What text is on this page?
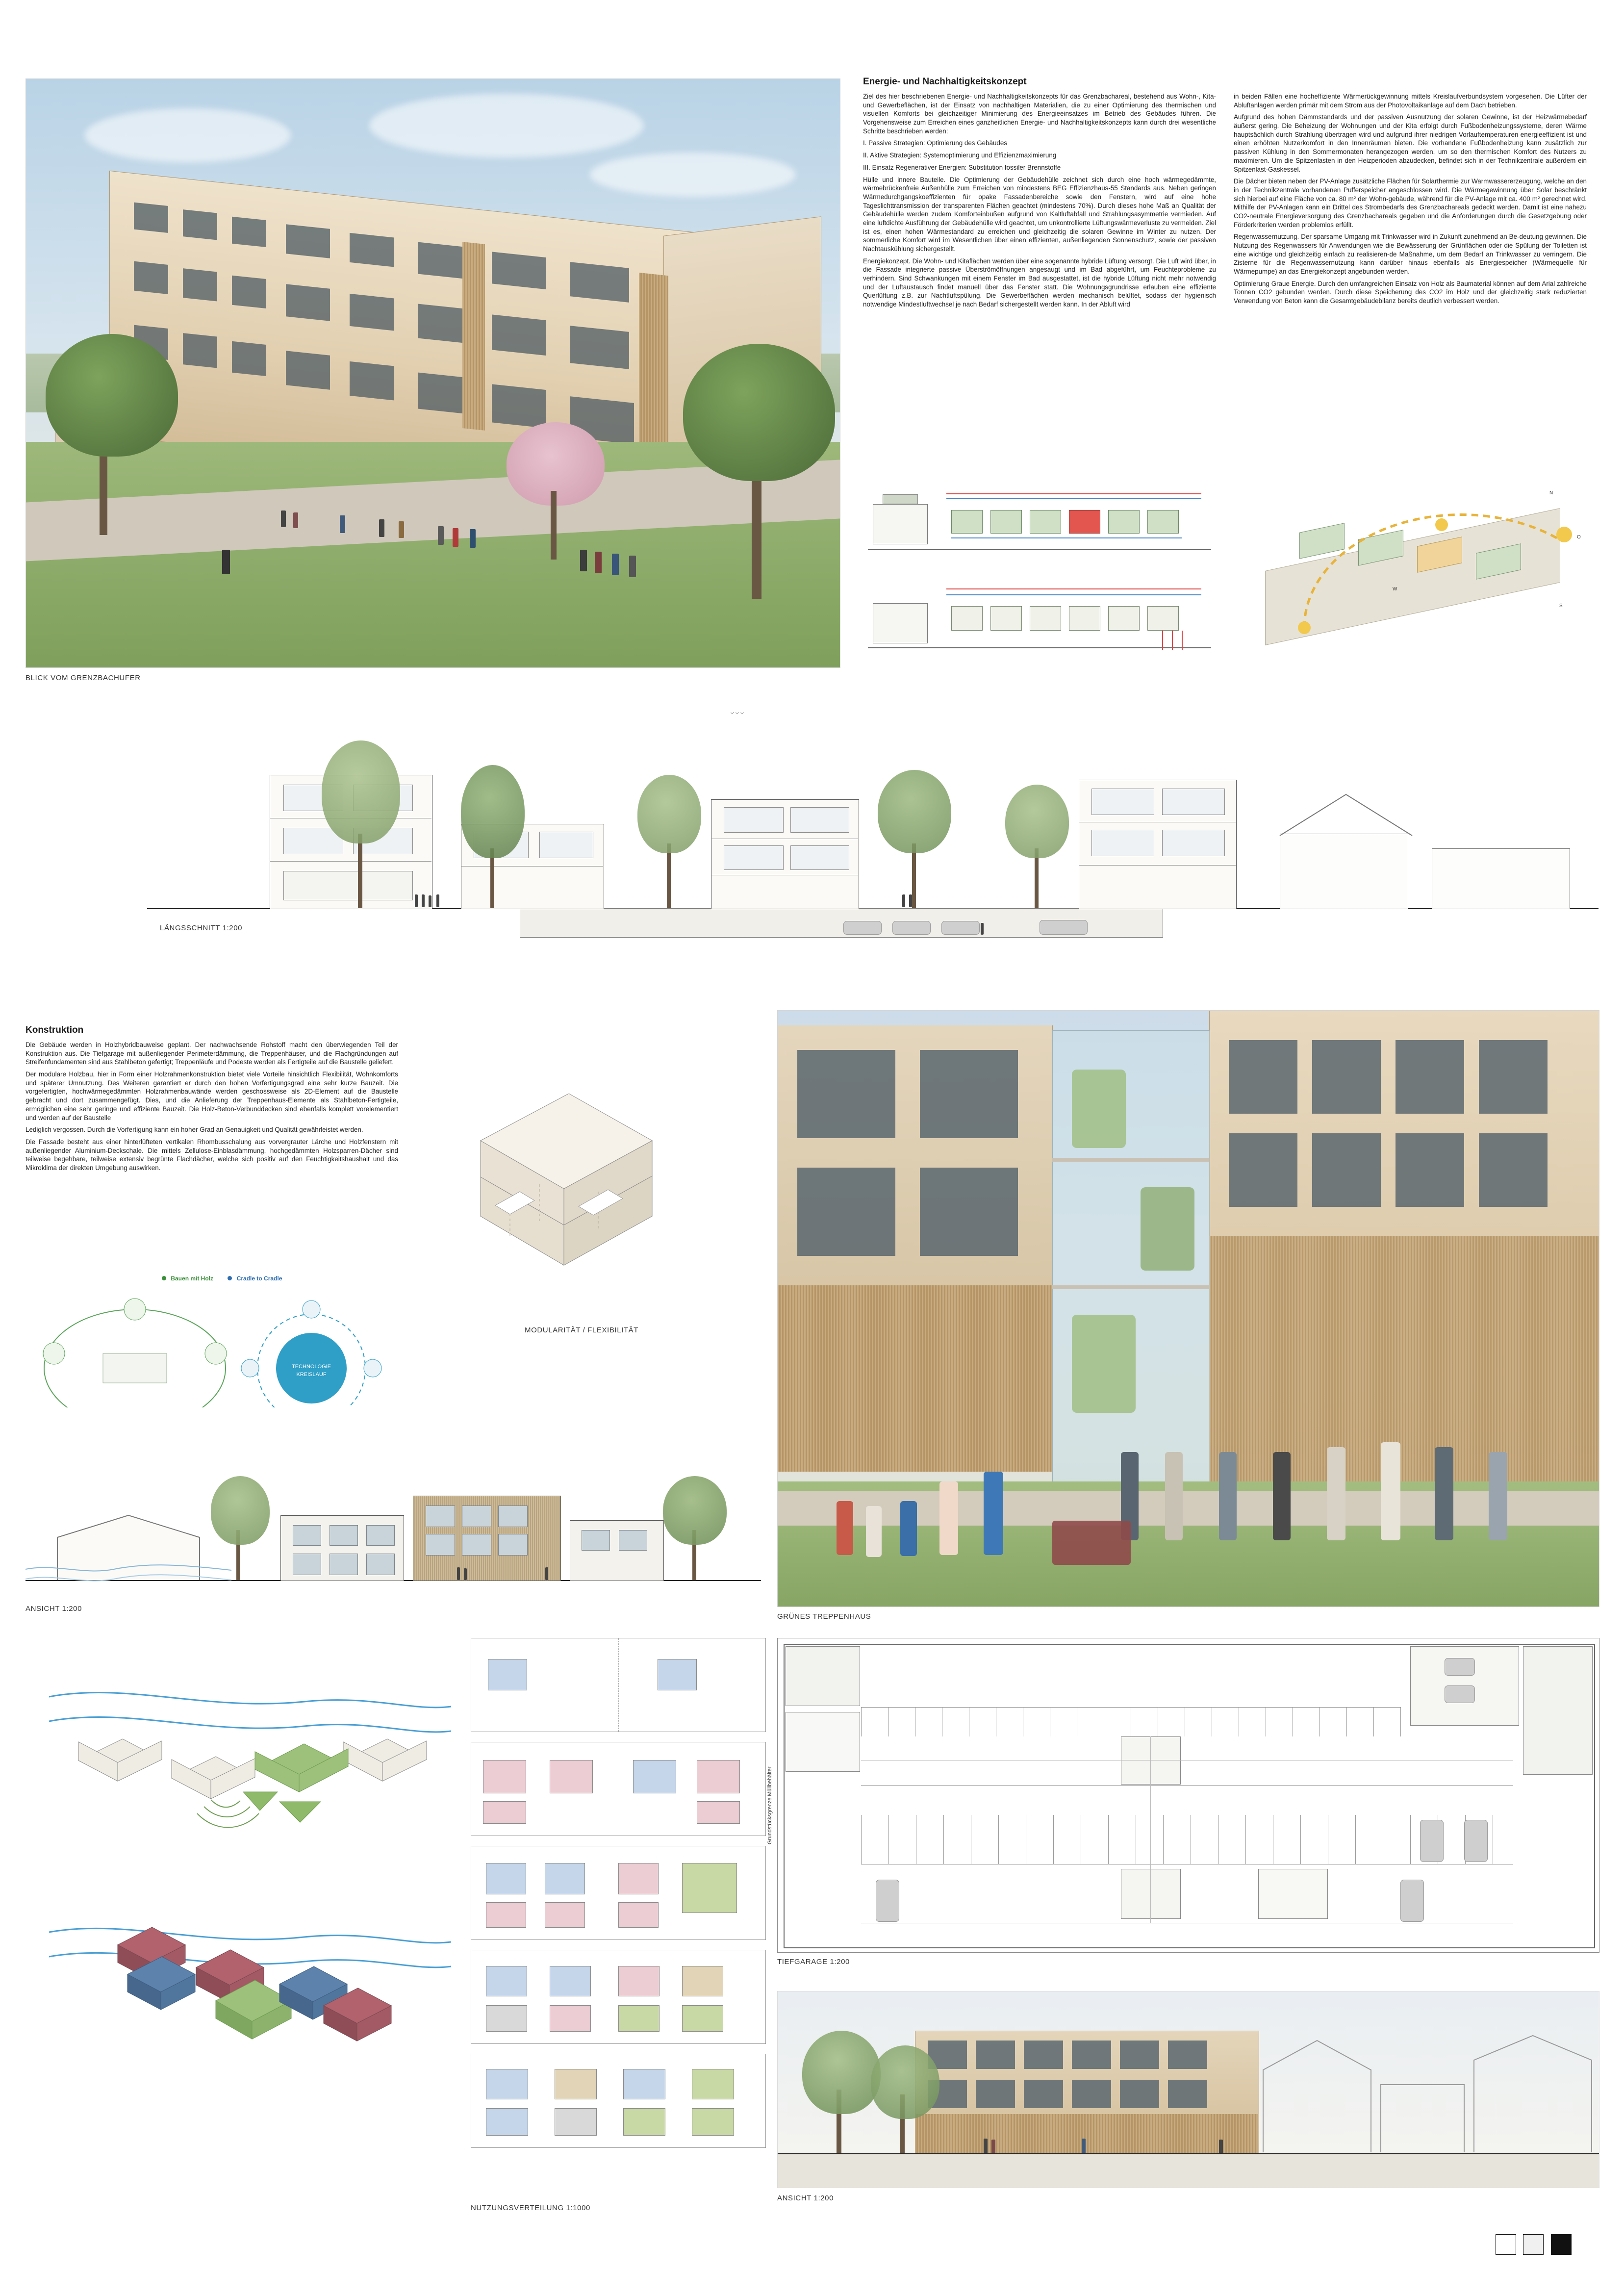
BLICK VOM GRENZBACHUFER
Energie- und Nachhaltigkeitskonzept

Ziel des hier beschriebenen Energie- und Nachhaltigkeitskonzepts für das Grenzbachareal, bestehend aus Wohn-, Kita- und Gewerbeflächen, ist der Einsatz von nachhaltigen Materialien, die zu einer Optimierung des thermischen und visuellen Komforts bei gleichzeitiger Minimierung des Energieeinsatzes im Betrieb des Gebäudes führen. Die Vorgehensweise zum Erreichen eines ganzheitlichen Energie- und Nachhaltigkeitskonzepts kann durch drei wesentliche Schritte beschrieben werden:

I. Passive Strategien: Optimierung des Gebäudes

II. Aktive Strategien: Systemoptimierung und Effizienzmaximierung

III. Einsatz Regenerativer Energien: Substitution fossiler Brennstoffe

Hülle und innere Bauteile. Die Optimierung der Gebäudehülle zeichnet sich durch eine hoch wärmegedämmte, wärmebrückenfreie Außenhülle zum Erreichen von mindestens BEG Effizienzhaus-55 Standards aus. Neben geringen Wärmedurchgangskoeffizienten für opake Fassadenbereiche sowie den Fenstern, wird auf eine hohe Tageslichttransmission der transparenten Flächen geachtet (mindestens 70%). Durch dieses hohe Maß an Qualität der Gebäudehülle werden zudem Komforteinbußen aufgrund von Kaltluftabfall und Strahlungsasymmetrie vermieden. Auf eine luftdichte Ausführung der Gebäudehülle wird geachtet, um unkontrollierte Lüftungswärmeverluste zu vermeiden. Ziel ist es, einen hohen Wärmestandard zu erreichen und gleichzeitig die solaren Gewinne im Winter zu nutzen. Der sommerliche Komfort wird im Wesentlichen über einen effizienten, außenliegenden Sonnenschutz, sowie der passiven Nachtauskühlung sichergestellt.

Energiekonzept. Die Wohn- und Kitaflächen werden über eine sogenannte hybride Lüftung versorgt. Die Luft wird über, in die Fassade integrierte passive Überströmöffnungen angesaugt und im Bad abgeführt, um Feuchteprobleme zu verhindern. Sind Schwankungen mit einem Fenster im Bad ausgestattet, ist die hybride Lüftung nicht mehr notwendig und der Luftaustausch findet manuell über das Fenster statt. Die Wohnungsgrundrisse erlauben eine effiziente Querlüftung z.B. zur Nachtluftspülung. Die Gewerbeflächen werden mechanisch belüftet, sodass der hygienisch notwendige Mindestluftwechsel je nach Bedarf sichergestellt werden kann. In der Abluft wird

in beiden Fällen eine hocheffiziente Wärmerückgewinnung mittels Kreislaufverbundsystem vorgesehen. Die Lüfter der Abluftanlagen werden primär mit dem Strom aus der Photovoltaikanlage auf dem Dach betrieben.

Aufgrund des hohen Dämmstandards und der passiven Ausnutzung der solaren Gewinne, ist der Heizwärmebedarf äußerst gering. Die Beheizung der Wohnungen und der Kita erfolgt durch Fußbodenheizungssysteme, deren Wärme hauptsächlich durch Strahlung übertragen wird und aufgrund ihrer niedrigen Vorlauftemperaturen energieeffizient ist und einen erhöhten Nutzerkomfort in den Innenräumen bieten. Die vorhandene Fußbodenheizung kann zusätzlich zur passiven Kühlung in den Sommermonaten herangezogen werden, um so den thermischen Komfort des Nutzers zu maximieren. Um die Spitzenlasten in den Heizperioden abzudecken, befindet sich in der Technikzentrale außerdem ein Spitzenlast-Gaskessel.

Die Dächer bieten neben der PV-Anlage zusätzliche Flächen für Solarthermie zur Warmwassererzeugung, welche an den in der Technikzentrale vorhandenen Pufferspeicher angeschlossen wird. Die Wärmegewinnung über Solar beschränkt sich hierbei auf eine Fläche von ca. 80 m² der Wohn-gebäude, während für die PV-Anlage mit ca. 400 m² gerechnet wird. Mithilfe der PV-Anlagen kann ein Drittel des Strombedarfs des Grenzbachareals gedeckt werden. Damit ist eine nahezu CO2-neutrale Energieversorgung des Grenzbachareals gegeben und die Anforderungen durch die Gesetzgebung oder Förderkriterien werden problemlos erfüllt.

Regenwassernutzung. Der sparsame Umgang mit Trinkwasser wird in Zukunft zunehmend an Be-deutung gewinnen. Die Nutzung des Regenwassers für Anwendungen wie die Bewässerung der Grünflächen oder die Spülung der Toiletten ist eine wichtige und gleichzeitig einfach zu realisieren-de Maßnahme, um dem Bedarf an Trinkwasser zu verringern. Die Zisterne für die Regenwassernutzung kann darüber hinaus ebenfalls als Energiespeicher (Wärmequelle für Wärmepumpe) an das Energiekonzept angebunden werden.

Optimierung Graue Energie. Durch den umfangreichen Einsatz von Holz als Baumaterial können auf dem Arial zahlreiche Tonnen CO2 gebunden werden. Durch diese Speicherung des CO2 im Holz und der gleichzeitig stark reduzierten Verwendung von Beton kann die Gesamtgebäudebilanz bereits deutlich verbessert werden.

N
O
S
W
ᨆ ᨆ ᨆ
LÄNGSSCHNITT 1:200
Konstruktion

Die Gebäude werden in Holzhybridbauweise geplant. Der nachwachsende Rohstoff macht den überwiegenden Teil der Konstruktion aus. Die Tiefgarage mit außenliegender Perimeterdämmung, die Treppenhäuser, und die Flachgründungen auf Streifenfundamenten sind aus Stahlbeton gefertigt; Treppenläufe und Podeste werden als Fertigteile auf die Baustelle geliefert.

Der modulare Holzbau, hier in Form einer Holzrahmenkonstruktion bietet viele Vorteile hinsichtlich Flexibilität, Wohnkomforts und späterer Umnutzung. Des Weiteren garantiert er durch den hohen Vorfertigungsgrad eine sehr kurze Bauzeit. Die vorgefertigten, hochwärmegedämmten Holzrahmenbauwände werden geschossweise als 2D-Element auf die Baustelle gebracht und dort zusammengefügt. Dies, und die Anlieferung der Treppenhaus-Elemente als Stahlbeton-Fertigteile, ermöglichen eine sehr geringe und effiziente Bauzeit. Die Holz-Beton-Verbunddecken sind ebenfalls komplett vorelementiert und werden auf der Baustelle

Lediglich vergossen. Durch die Vorfertigung kann ein hoher Grad an Genauigkeit und Qualität gewährleistet werden.

Die Fassade besteht aus einer hinterlüfteten vertikalen Rhombusschalung aus vorvergrauter Lärche und Holzfenstern mit außenliegender Aluminium-Deckschale. Die mittels Zellulose-Einblasdämmung, hochgedämmten Holzsparren-Dächer sind teilweise begehbare, teilweise extensiv begrünte Flachdächer, welche sich positiv auf den Feuchtigkeitshaushalt und das Mikroklima der direkten Umgebung auswirken.

Bauen mit Holz	Cradle to Cradle
TECHNOLOGIE
KREISLAUF
MODULARITÄT / FLEXIBILITÄT
ANSICHT 1:200
GRÜNES TREPPENHAUS
NUTZUNGSVERTEILUNG 1:1000
Grundstücksgrenze Müllbehälter
TIEFGARAGE 1:200
ANSICHT 1:200
